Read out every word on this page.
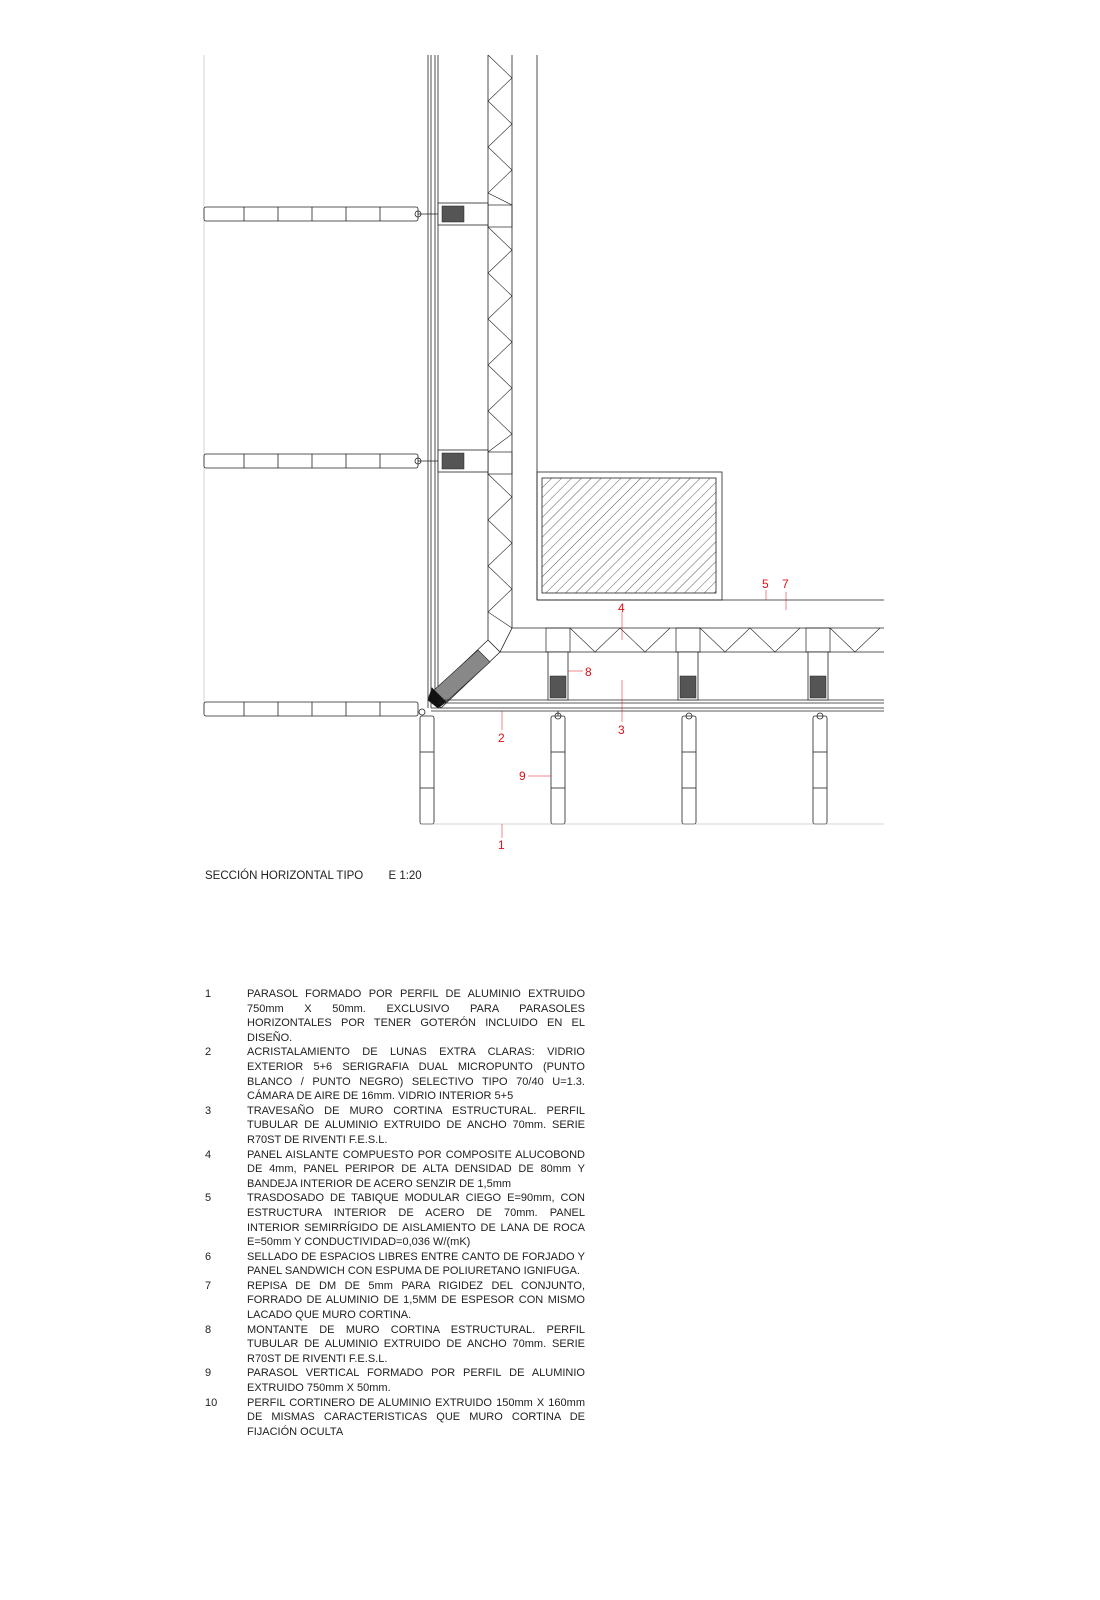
1
2
3
4
5 7
8
9
SECCIÓN HORIZONTAL TIPO E 1:20
1	PARASOL FORMADO POR PERFIL DE ALUMINIO EXTRUIDO 750mm X 50mm. EXCLUSIVO PARA PARASOLES HORIZONTALES POR TENER GOTERÓN INCLUIDO EN EL DISEÑO.
2	ACRISTALAMIENTO DE LUNAS EXTRA CLARAS: VIDRIO EXTERIOR 5+6 SERIGRAFIA DUAL MICROPUNTO (PUNTO BLANCO / PUNTO NEGRO) SELECTIVO TIPO 70/40 U=1.3. CÁMARA DE AIRE DE 16mm. VIDRIO INTERIOR 5+5
3	TRAVESAÑO DE MURO CORTINA ESTRUCTURAL. PERFIL TUBULAR DE ALUMINIO EXTRUIDO DE ANCHO 70mm. SERIE R70ST DE RIVENTI F.E.S.L.
4	PANEL AISLANTE COMPUESTO POR COMPOSITE ALUCOBOND DE 4mm, PANEL PERIPOR DE ALTA DENSIDAD DE 80mm Y BANDEJA INTERIOR DE ACERO SENZIR DE 1,5mm
5	TRASDOSADO DE TABIQUE MODULAR CIEGO E=90mm, CON ESTRUCTURA INTERIOR DE ACERO DE 70mm. PANEL INTERIOR SEMIRRÍGIDO DE AISLAMIENTO DE LANA DE ROCA E=50mm Y CONDUCTIVIDAD=0,036 W/(mK)
6	SELLADO DE ESPACIOS LIBRES ENTRE CANTO DE FORJADO Y PANEL SANDWICH CON ESPUMA DE POLIURETANO IGNIFUGA.
7	REPISA DE DM DE 5mm PARA RIGIDEZ DEL CONJUNTO, FORRADO DE ALUMINIO DE 1,5MM DE ESPESOR CON MISMO LACADO QUE MURO CORTINA.
8	MONTANTE DE MURO CORTINA ESTRUCTURAL. PERFIL TUBULAR DE ALUMINIO EXTRUIDO DE ANCHO 70mm. SERIE R70ST DE RIVENTI F.E.S.L.
9	PARASOL VERTICAL FORMADO POR PERFIL DE ALUMINIO EXTRUIDO 750mm X 50mm.
10	PERFIL CORTINERO DE ALUMINIO EXTRUIDO 150mm X 160mm DE MISMAS CARACTERISTICAS QUE MURO CORTINA DE FIJACIÓN OCULTA
